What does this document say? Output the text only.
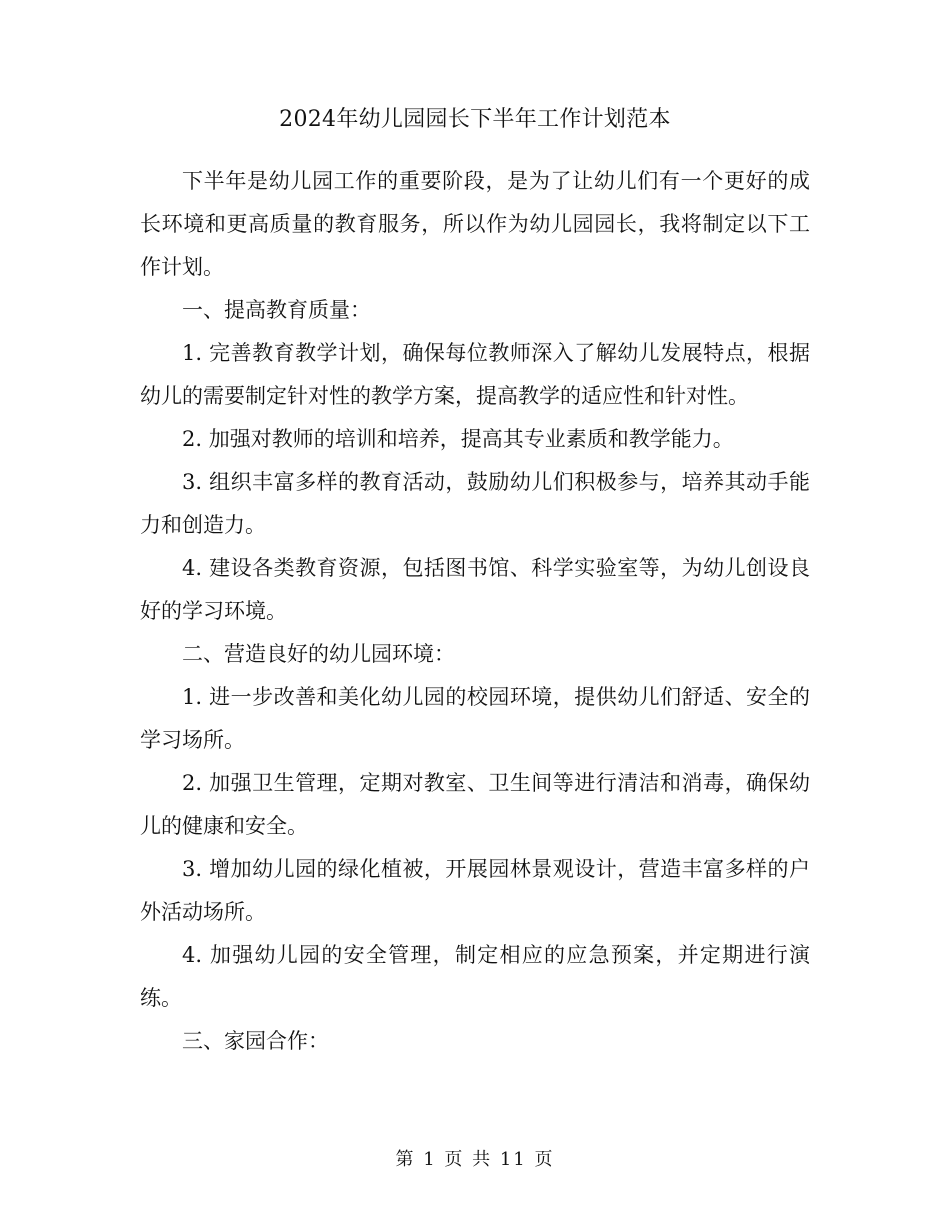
2024年幼儿园园长下半年工作计划范本

下半年是幼儿园工作的重要阶段，是为了让幼儿们有一个更好的成长环境和更高质量的教育服务，所以作为幼儿园园长，我将制定以下工作计划。

一、提高教育质量：

1. 完善教育教学计划，确保每位教师深入了解幼儿发展特点，根据幼儿的需要制定针对性的教学方案，提高教学的适应性和针对性。

2. 加强对教师的培训和培养，提高其专业素质和教学能力。

3. 组织丰富多样的教育活动，鼓励幼儿们积极参与，培养其动手能力和创造力。

4. 建设各类教育资源，包括图书馆、科学实验室等，为幼儿创设良好的学习环境。

二、营造良好的幼儿园环境：

1. 进一步改善和美化幼儿园的校园环境，提供幼儿们舒适、安全的学习场所。

2. 加强卫生管理，定期对教室、卫生间等进行清洁和消毒，确保幼儿的健康和安全。

3. 增加幼儿园的绿化植被，开展园林景观设计，营造丰富多样的户外活动场所。

4. 加强幼儿园的安全管理，制定相应的应急预案，并定期进行演练。

三、家园合作：

第 1 页 共 11 页
